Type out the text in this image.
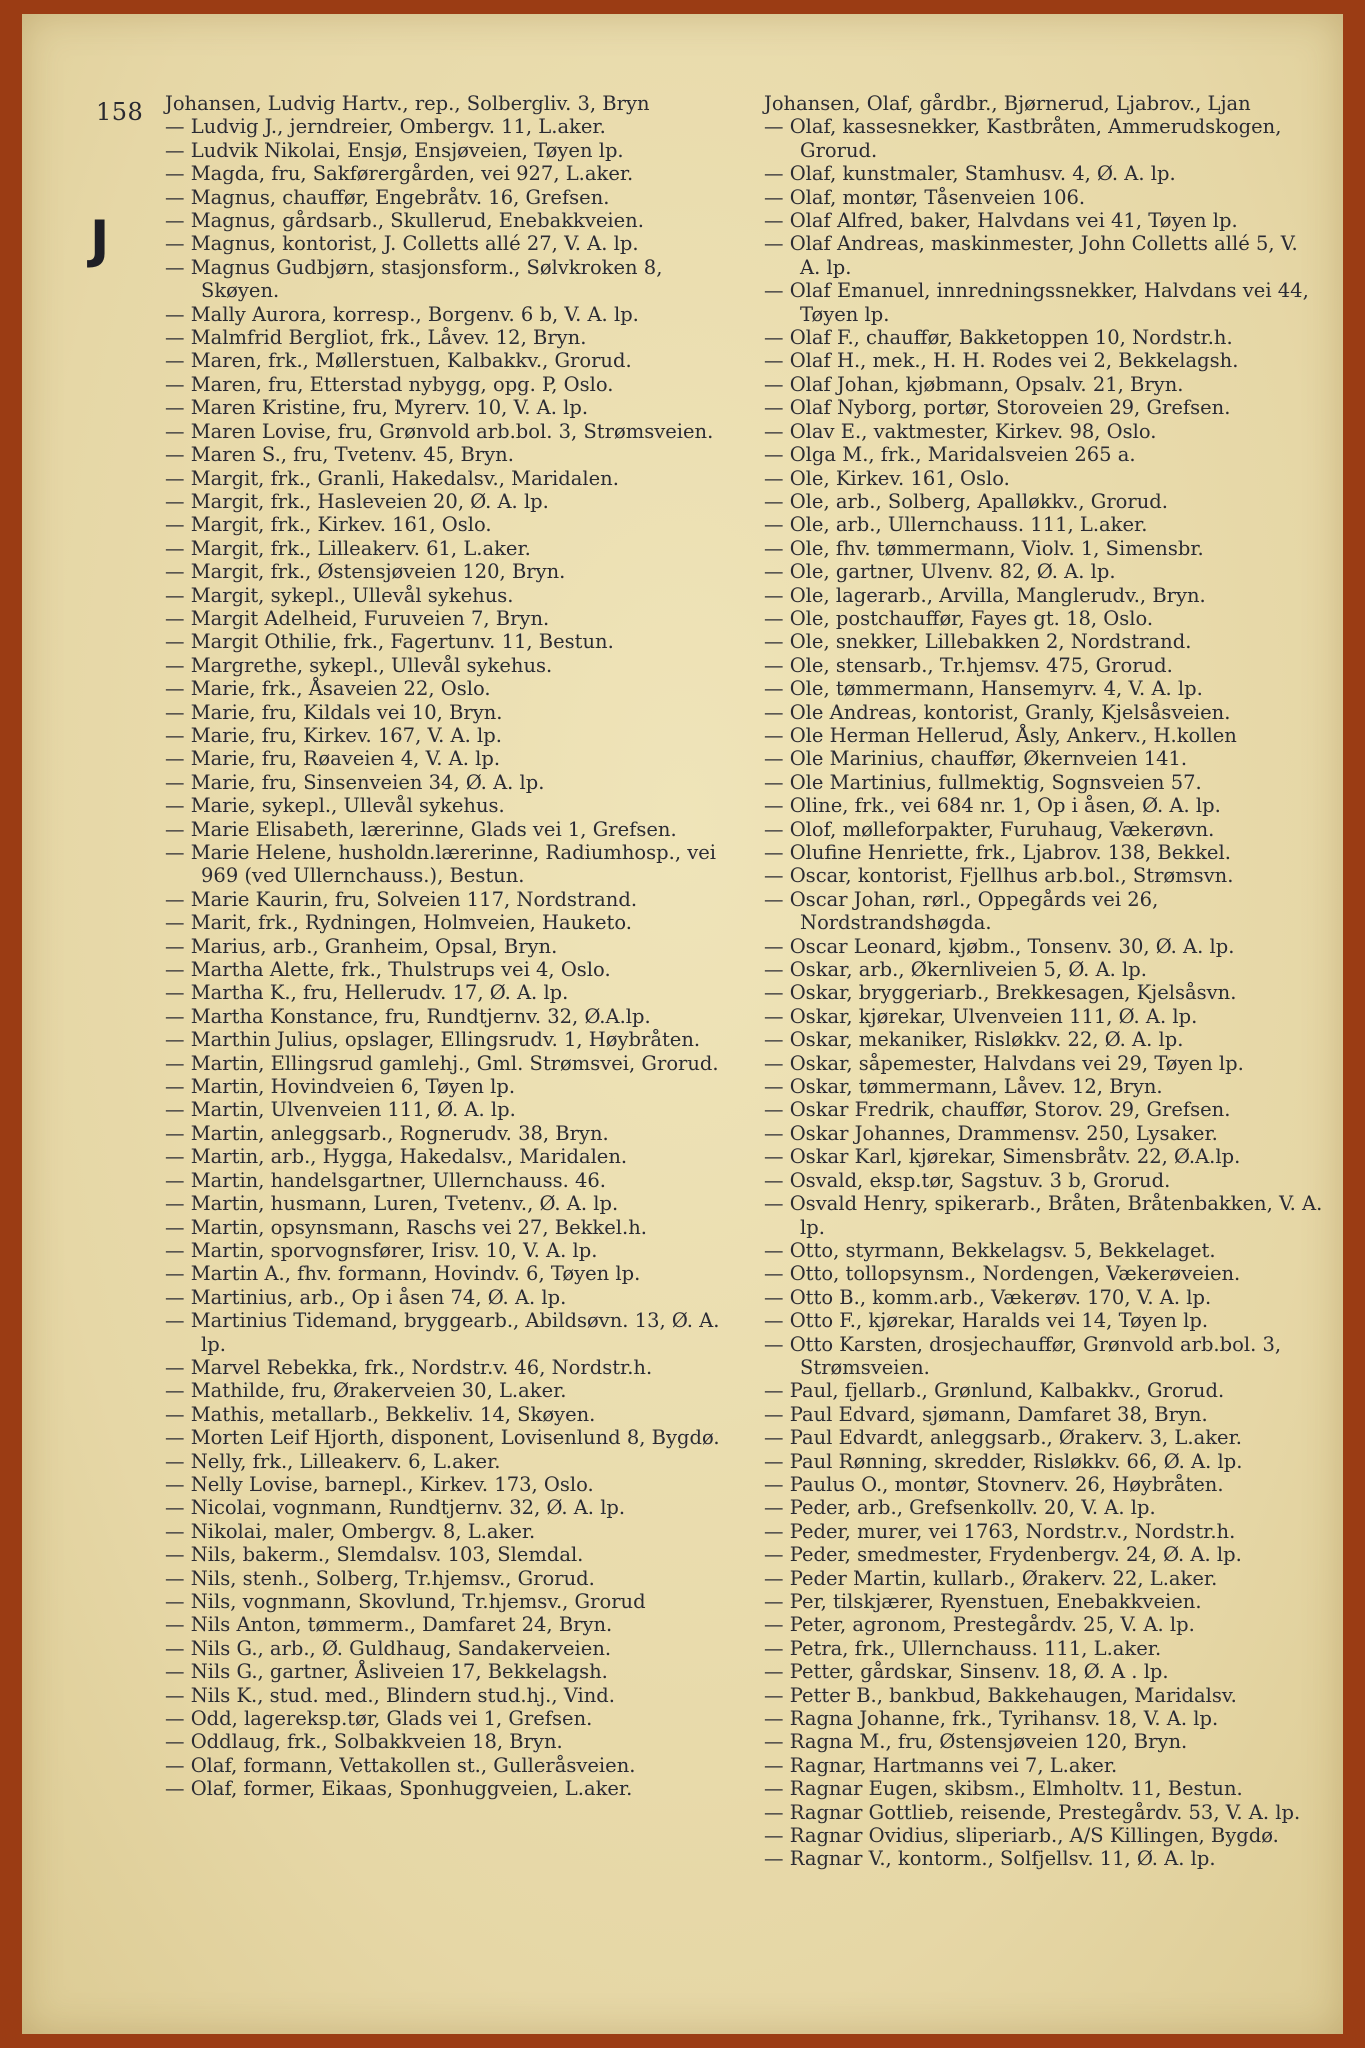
158
J
Johansen, Ludvig Hartv., rep., Solbergliv. 3, Bryn
— Ludvig J., jerndreier, Ombergv. 11, L.aker.
— Ludvik Nikolai, Ensjø, Ensjøveien, Tøyen lp.
— Magda, fru, Sakførergården, vei 927, L.aker.
— Magnus, chauffør, Engebråtv. 16, Grefsen.
— Magnus, gårdsarb., Skullerud, Enebakkveien.
— Magnus, kontorist, J. Colletts allé 27, V. A. lp.
— Magnus Gudbjørn, stasjonsform., Sølvkroken 8, Skøyen.
— Mally Aurora, korresp., Borgenv. 6 b, V. A. lp.
— Malmfrid Bergliot, frk., Låvev. 12, Bryn.
— Maren, frk., Møllerstuen, Kalbakkv., Grorud.
— Maren, fru, Etterstad nybygg, opg. P, Oslo.
— Maren Kristine, fru, Myrerv. 10, V. A. lp.
— Maren Lovise, fru, Grønvold arb.bol. 3, Strømsveien.
— Maren S., fru, Tvetenv. 45, Bryn.
— Margit, frk., Granli, Hakedalsv., Maridalen.
— Margit, frk., Hasleveien 20, Ø. A. lp.
— Margit, frk., Kirkev. 161, Oslo.
— Margit, frk., Lilleakerv. 61, L.aker.
— Margit, frk., Østensjøveien 120, Bryn.
— Margit, sykepl., Ullevål sykehus.
— Margit Adelheid, Furuveien 7, Bryn.
— Margit Othilie, frk., Fagertunv. 11, Bestun.
— Margrethe, sykepl., Ullevål sykehus.
— Marie, frk., Åsaveien 22, Oslo.
— Marie, fru, Kildals vei 10, Bryn.
— Marie, fru, Kirkev. 167, V. A. lp.
— Marie, fru, Røaveien 4, V. A. lp.
— Marie, fru, Sinsenveien 34, Ø. A. lp.
— Marie, sykepl., Ullevål sykehus.
— Marie Elisabeth, lærerinne, Glads vei 1, Grefsen.
— Marie Helene, husholdn.lærerinne, Radiumhosp., vei 969 (ved Ullernchauss.), Bestun.
— Marie Kaurin, fru, Solveien 117, Nordstrand.
— Marit, frk., Rydningen, Holmveien, Hauketo.
— Marius, arb., Granheim, Opsal, Bryn.
— Martha Alette, frk., Thulstrups vei 4, Oslo.
— Martha K., fru, Hellerudv. 17, Ø. A. lp.
— Martha Konstance, fru, Rundtjernv. 32, Ø.A.lp.
— Marthin Julius, opslager, Ellingsrudv. 1, Høybråten.
— Martin, Ellingsrud gamlehj., Gml. Strømsvei, Grorud.
— Martin, Hovindveien 6, Tøyen lp.
— Martin, Ulvenveien 111, Ø. A. lp.
— Martin, anleggsarb., Rognerudv. 38, Bryn.
— Martin, arb., Hygga, Hakedalsv., Maridalen.
— Martin, handelsgartner, Ullernchauss. 46.
— Martin, husmann, Luren, Tvetenv., Ø. A. lp.
— Martin, opsynsmann, Raschs vei 27, Bekkel.h.
— Martin, sporvognsfører, Irisv. 10, V. A. lp.
— Martin A., fhv. formann, Hovindv. 6, Tøyen lp.
— Martinius, arb., Op i åsen 74, Ø. A. lp.
— Martinius Tidemand, bryggearb., Abildsøvn. 13, Ø. A. lp.
— Marvel Rebekka, frk., Nordstr.v. 46, Nordstr.h.
— Mathilde, fru, Ørakerveien 30, L.aker.
— Mathis, metallarb., Bekkeliv. 14, Skøyen.
— Morten Leif Hjorth, disponent, Lovisenlund 8, Bygdø.
— Nelly, frk., Lilleakerv. 6, L.aker.
— Nelly Lovise, barnepl., Kirkev. 173, Oslo.
— Nicolai, vognmann, Rundtjernv. 32, Ø. A. lp.
— Nikolai, maler, Ombergv. 8, L.aker.
— Nils, bakerm., Slemdalsv. 103, Slemdal.
— Nils, stenh., Solberg, Tr.hjemsv., Grorud.
— Nils, vognmann, Skovlund, Tr.hjemsv., Grorud
— Nils Anton, tømmerm., Damfaret 24, Bryn.
— Nils G., arb., Ø. Guldhaug, Sandakerveien.
— Nils G., gartner, Åsliveien 17, Bekkelagsh.
— Nils K., stud. med., Blindern stud.hj., Vind.
— Odd, lagereksp.tør, Glads vei 1, Grefsen.
— Oddlaug, frk., Solbakkveien 18, Bryn.
— Olaf, formann, Vettakollen st., Gulleråsveien.
— Olaf, former, Eikaas, Sponhuggveien, L.aker.
Johansen, Olaf, gårdbr., Bjørnerud, Ljabrov., Ljan
— Olaf, kassesnekker, Kastbråten, Ammerudskogen, Grorud.
— Olaf, kunstmaler, Stamhusv. 4, Ø. A. lp.
— Olaf, montør, Tåsenveien 106.
— Olaf Alfred, baker, Halvdans vei 41, Tøyen lp.
— Olaf Andreas, maskinmester, John Colletts allé 5, V. A. lp.
— Olaf Emanuel, innredningssnekker, Halvdans vei 44, Tøyen lp.
— Olaf F., chauffør, Bakketoppen 10, Nordstr.h.
— Olaf H., mek., H. H. Rodes vei 2, Bekkelagsh.
— Olaf Johan, kjøbmann, Opsalv. 21, Bryn.
— Olaf Nyborg, portør, Storoveien 29, Grefsen.
— Olav E., vaktmester, Kirkev. 98, Oslo.
— Olga M., frk., Maridalsveien 265 a.
— Ole, Kirkev. 161, Oslo.
— Ole, arb., Solberg, Apalløkkv., Grorud.
— Ole, arb., Ullernchauss. 111, L.aker.
— Ole, fhv. tømmermann, Violv. 1, Simensbr.
— Ole, gartner, Ulvenv. 82, Ø. A. lp.
— Ole, lagerarb., Arvilla, Manglerudv., Bryn.
— Ole, postchauffør, Fayes gt. 18, Oslo.
— Ole, snekker, Lillebakken 2, Nordstrand.
— Ole, stensarb., Tr.hjemsv. 475, Grorud.
— Ole, tømmermann, Hansemyrv. 4, V. A. lp.
— Ole Andreas, kontorist, Granly, Kjelsåsveien.
— Ole Herman Hellerud, Åsly, Ankerv., H.kollen
— Ole Marinius, chauffør, Økernveien 141.
— Ole Martinius, fullmektig, Sognsveien 57.
— Oline, frk., vei 684 nr. 1, Op i åsen, Ø. A. lp.
— Olof, mølleforpakter, Furuhaug, Vækerøvn.
— Olufine Henriette, frk., Ljabrov. 138, Bekkel.
— Oscar, kontorist, Fjellhus arb.bol., Strømsvn.
— Oscar Johan, rørl., Oppegårds vei 26, Nordstrandshøgda.
— Oscar Leonard, kjøbm., Tonsenv. 30, Ø. A. lp.
— Oskar, arb., Økernliveien 5, Ø. A. lp.
— Oskar, bryggeriarb., Brekkesagen, Kjelsåsvn.
— Oskar, kjørekar, Ulvenveien 111, Ø. A. lp.
— Oskar, mekaniker, Risløkkv. 22, Ø. A. lp.
— Oskar, såpemester, Halvdans vei 29, Tøyen lp.
— Oskar, tømmermann, Låvev. 12, Bryn.
— Oskar Fredrik, chauffør, Storov. 29, Grefsen.
— Oskar Johannes, Drammensv. 250, Lysaker.
— Oskar Karl, kjørekar, Simensbråtv. 22, Ø.A.lp.
— Osvald, eksp.tør, Sagstuv. 3 b, Grorud.
— Osvald Henry, spikerarb., Bråten, Bråtenbakken, V. A. lp.
— Otto, styrmann, Bekkelagsv. 5, Bekkelaget.
— Otto, tollopsynsm., Nordengen, Vækerøveien.
— Otto B., komm.arb., Vækerøv. 170, V. A. lp.
— Otto F., kjørekar, Haralds vei 14, Tøyen lp.
— Otto Karsten, drosjechauffør, Grønvold arb.bol. 3, Strømsveien.
— Paul, fjellarb., Grønlund, Kalbakkv., Grorud.
— Paul Edvard, sjømann, Damfaret 38, Bryn.
— Paul Edvardt, anleggsarb., Ørakerv. 3, L.aker.
— Paul Rønning, skredder, Risløkkv. 66, Ø. A. lp.
— Paulus O., montør, Stovnerv. 26, Høybråten.
— Peder, arb., Grefsenkollv. 20, V. A. lp.
— Peder, murer, vei 1763, Nordstr.v., Nordstr.h.
— Peder, smedmester, Frydenbergv. 24, Ø. A. lp.
— Peder Martin, kullarb., Ørakerv. 22, L.aker.
— Per, tilskjærer, Ryenstuen, Enebakkveien.
— Peter, agronom, Prestegårdv. 25, V. A. lp.
— Petra, frk., Ullernchauss. 111, L.aker.
— Petter, gårdskar, Sinsenv. 18, Ø. A . lp.
— Petter B., bankbud, Bakkehaugen, Maridalsv.
— Ragna Johanne, frk., Tyrihansv. 18, V. A. lp.
— Ragna M., fru, Østensjøveien 120, Bryn.
— Ragnar, Hartmanns vei 7, L.aker.
— Ragnar Eugen, skibsm., Elmholtv. 11, Bestun.
— Ragnar Gottlieb, reisende, Prestegårdv. 53, V. A. lp.
— Ragnar Ovidius, sliperiarb., A/S Killingen, Bygdø.
— Ragnar V., kontorm., Solfjellsv. 11, Ø. A. lp.
